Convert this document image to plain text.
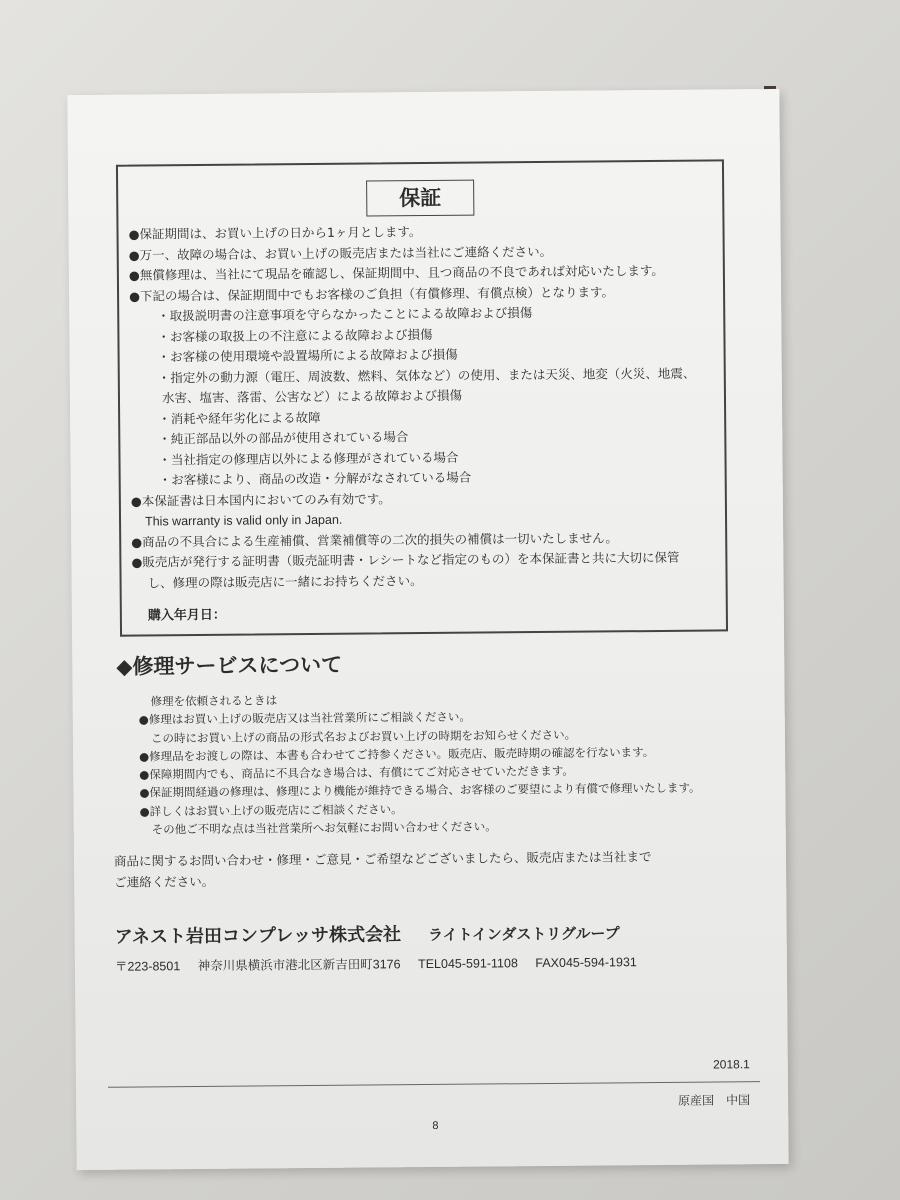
保証
●保証期間は、お買い上げの日から1ヶ月とします。
●万一、故障の場合は、お買い上げの販売店または当社にご連絡ください。
●無償修理は、当社にて現品を確認し、保証期間中、且つ商品の不良であれば対応いたします。
●下記の場合は、保証期間中でもお客様のご負担（有償修理、有償点検）となります。
・取扱説明書の注意事項を守らなかったことによる故障および損傷
・お客様の取扱上の不注意による故障および損傷
・お客様の使用環境や設置場所による故障および損傷
・指定外の動力源（電圧、周波数、燃料、気体など）の使用、または天災、地変（火災、地震、
水害、塩害、落雷、公害など）による故障および損傷
・消耗や経年劣化による故障
・純正部品以外の部品が使用されている場合
・当社指定の修理店以外による修理がされている場合
・お客様により、商品の改造・分解がなされている場合
●本保証書は日本国内においてのみ有効です。
This warranty is valid only in Japan.
●商品の不具合による生産補償、営業補償等の二次的損失の補償は一切いたしません。
●販売店が発行する証明書（販売証明書・レシートなど指定のもの）を本保証書と共に大切に保管
し、修理の際は販売店に一緒にお持ちください。
購入年月日：
◆修理サービスについて
修理を依頼されるときは
●修理はお買い上げの販売店又は当社営業所にご相談ください。
この時にお買い上げの商品の形式名およびお買い上げの時期をお知らせください。
●修理品をお渡しの際は、本書も合わせてご持参ください。販売店、販売時期の確認を行ないます。
●保障期間内でも、商品に不具合なき場合は、有償にてご対応させていただきます。
●保証期間経過の修理は、修理により機能が維持できる場合、お客様のご要望により有償で修理いたします。
●詳しくはお買い上げの販売店にご相談ください。
その他ご不明な点は当社営業所へお気軽にお問い合わせください。
商品に関するお問い合わせ・修理・ご意見・ご希望などございましたら、販売店または当社まで
ご連絡ください。
アネスト岩田コンプレッサ株式会社 ライトインダストリグループ
〒223-8501 神奈川県横浜市港北区新吉田町3176 TEL045-591-1108 FAX045-594-1931
2018.1
原産国　中国
8
